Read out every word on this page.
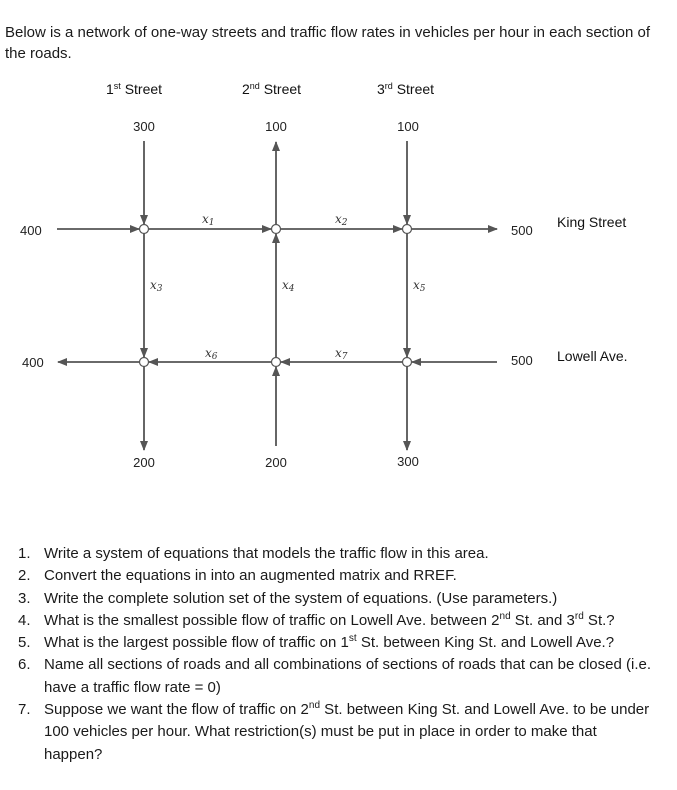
Below is a network of one-way streets and traffic flow rates in vehicles per hour in each section of the roads.

1st Street	2nd Street	3rd Street
King Street
Lowell Ave.
300	100	100
200	200	300
400	500
400	500
x1	x2
x3	x4	x5
x6	x7
1. Write a system of equations that models the traffic flow in this area.
2. Convert the equations in into an augmented matrix and RREF.
3. Write the complete solution set of the system of equations. (Use parameters.)
4. What is the smallest possible flow of traffic on Lowell Ave. between 2nd St. and 3rd St.?
5. What is the largest possible flow of traffic on 1st St. between King St. and Lowell Ave.?
6. Name all sections of roads and all combinations of sections of roads that can be closed (i.e. have a traffic flow rate = 0)
7. Suppose we want the flow of traffic on 2nd St. between King St. and Lowell Ave. to be under 100 vehicles per hour. What restriction(s) must be put in place in order to make that happen?
